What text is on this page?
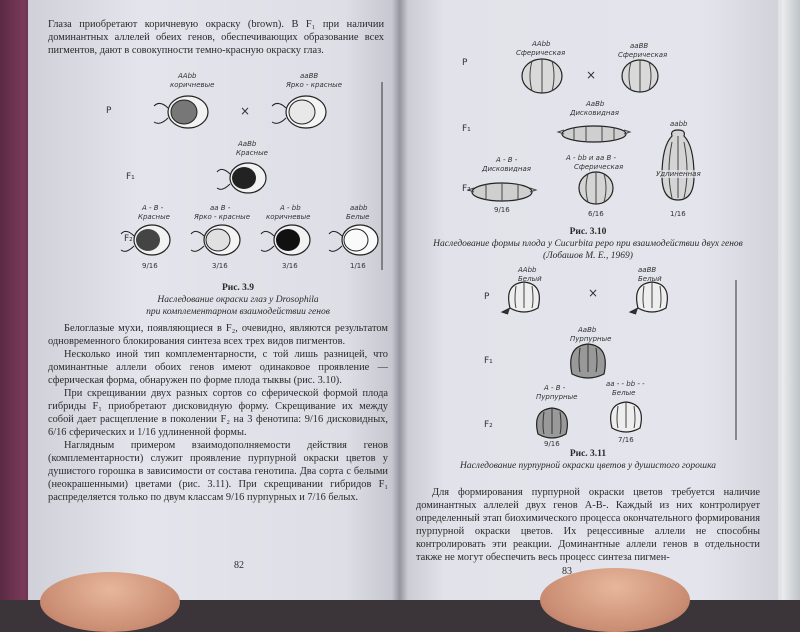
Глаза приобретают коричневую окраску (brown). В F₁ при наличии доминантных аллелей обеих генов, обеспечивающих образование всех пигментов, дают в совокупности темно-красную окраску глаз.

P	×
F₁
F₂
AAbb
коричневые
aaBB
Ярко - красные
AaBb
Красные
A - B -
Красные
aa B -
Ярко - красные
A - bb
коричневые
aabb
Белые
9/16	3/16	3/16	1/16
Рис. 3.9
Наследование окраски глаз у Drosophila
при комплементарном взаимодействии генов

Белоглазые мухи, появляющиеся в F₂, очевидно, являются результатом одновременного блокирования синтеза всех трех видов пигментов.

Несколько иной тип комплементарности, с той лишь разницей, что доминантные аллели обоих генов имеют одинаковое проявление — сферическая форма, обнаружен по форме плода тыквы (рис. 3.10).

При скрещивании двух разных сортов со сферической формой плода гибриды F₁ приобретают дисковидную форму. Скрещивание их между собой дает расщепление в поколении F₂ на 3 фенотипа: 9/16 дисковидных, 6/16 сферических и 1/16 удлиненной формы.

Наглядным примером взаимодополняемости действия генов (комплементарности) служит проявление пурпурной окраски цветов у душистого горошка в зависимости от состава генотипа. Два сорта с белыми (неокрашенными) цветами (рис. 3.11). При скрещивании гибридов F₁ распределяется только по двум классам 9/16 пурпурных и 7/16 белых.

82
P
×
F₁
F₂
AAbb
Сферическая
aaBB
Сферическая
AaBb
Дисковидная
A - B -
Дисковидная
A - bb и aa B -
Сферическая
aabb
Удлиненная
9/16	6/16	1/16
Рис. 3.10
Наследование формы плода у Cucurbita pepo при взаимодействии двух генов
(Лобашов М. Е., 1969)
P	×
F₁
F₂
AAbb
Белый
aaBB
Белый
AaBb
Пурпурные
A - B -
Пурпурные
aa - - bb - -
Белые
9/16	7/16
Рис. 3.11
Наследование пурпурной окраски цветов у душистого горошка

Для формирования пурпурной окраски цветов требуется наличие доминантных аллелей двух генов А-В-. Каждый из них контролирует определенный этап биохимического процесса окончательного формирования пурпурной окраски цветов. Их рецессивные аллели не способны контролировать эти реакции. Доминантные аллели генов в отдельности также не могут обеспечить весь процесс синтеза пигмен-

83
